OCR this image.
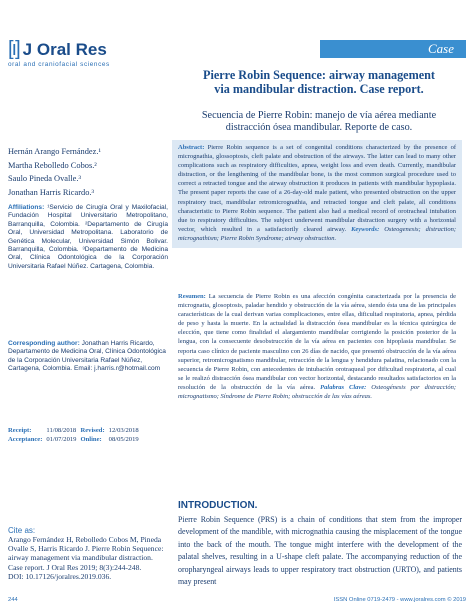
[ı] J Oral Res
oral and craniofacial sciences
Case
Pierre Robin Sequence: airway management via mandibular distraction. Case report.
Secuencia de Pierre Robin: manejo de vía aérea mediante distracción ósea mandibular. Reporte de caso.
Hernán Arango Fernández.¹
Martha Rebolledo Cobos.²
Saulo Pineda Ovalle.³
Jonathan Harris Ricardo.³
Affiliations: ¹Servicio de Cirugía Oral y Maxilofacial, Fundación Hospital Universitario Metropolitano, Barranquilla, Colombia. ²Departamento de Cirugía Oral, Universidad Metropolitana. Laboratorio de Genética Molecular, Universidad Simón Bolivar. Barranquilla, Colombia. ³Departamento de Medicina Oral, Clínica Odontológica de la Corporación Universitaria Rafael Núñez. Cartagena, Colombia.
Corresponding author: Jonathan Harris Ricardo, Departamento de Medicina Oral, Clínica Odontológica de la Corporación Universitaria Rafael Núñez, Cartagena, Colombia. Email: j.harris.r@hotmail.com
Receipt:	11/08/2018	Revised:	12/03/2018
Acceptance:	01/07/2019	Online:	08/05/2019
Cite as:
Arango Fernández H, Rebolledo Cobos M, Pineda Ovalle S, Harris Ricardo J. Pierre Robin Sequence: airway management via mandibular distraction. Case report. J Oral Res 2019; 8(3):244-248.
DOI: 10.17126/joralres.2019.036.
Abstract: Pierre Robin sequence is a set of congenital conditions characterized by the presence of micrognathia, glossoptosis, cleft palate and obstruction of the airways. The latter can lead to many other complications such as respiratory difficulties, apnea, weight loss and even death. Currently, mandibular distraction, or the lengthening of the mandibular bone, is the most common surgical procedure used to correct a retracted tongue and the airway obstruction it produces in patients with mandibular hypoplasia. The present paper reports the case of a 26-day-old male patient, who presented obstruction on the upper respiratory tract, mandibular retromicrognathia, and retracted tongue and cleft palate, all conditions characteristic to Pierre Robin sequence. The patient also had a medical record of orotracheal intubation due to respiratory difficulties. The subject underwent mandibular distraction surgery with a horizontal vector, which resulted in a satisfactorily cleared airway. Keywords: Osteogenesis; distraction; micrognathism; Pierre Robin Syndrome; airway obstruction.
Resumen: La secuencia de Pierre Robin es una afección congénita caracterizada por la presencia de micrognatia, glosoptosis, paladar hendido y obstrucción de la vía aérea, siendo ésta una de las principales características de la cual derivan varias complicaciones, entre ellas, dificultad respiratoria, apnea, pérdida de peso y hasta la muerte. En la actualidad la distracción ósea mandibular es la técnica quirúrgica de elección, que tiene como finalidad el alargamiento mandibular corrigiendo la posición posterior de la lengua, con la consecuente desobstrucción de la vía aérea en pacientes con hipoplasia mandibular. Se reporta caso clínico de paciente masculino con 26 días de nacido, que presentó obstrucción de la vía aérea superior, retromicrognatismo mandibular, retracción de la lengua y hendidura palatina, relacionado con la secuencia de Pierre Robin, con antecedentes de intubación orotraqueal por dificultad respiratoria, al cual se le realizó distracción ósea mandibular con vector horizontal, destacando resultados satisfactorios en la resolución de la obstrucción de la vía aérea. Palabras Clave: Osteogénesis por distracción; micrognatismo; Síndrome de Pierre Robin; obstrucción de las vías aéreas.
INTRODUCTION.
Pierre Robin Sequence (PRS) is a chain of conditions that stem from the improper development of the mandible, with micrognathia causing the misplacement of the tongue into the back of the mouth. The tongue might interfere with the development of the palatal shelves, resulting in a U-shape cleft palate. The accompanying reduction of the oropharyngeal airways leads to upper respiratory tract obstruction (URTO), and patients may present
244	ISSN Online 0719-2479 - www.joralres.com © 2019
